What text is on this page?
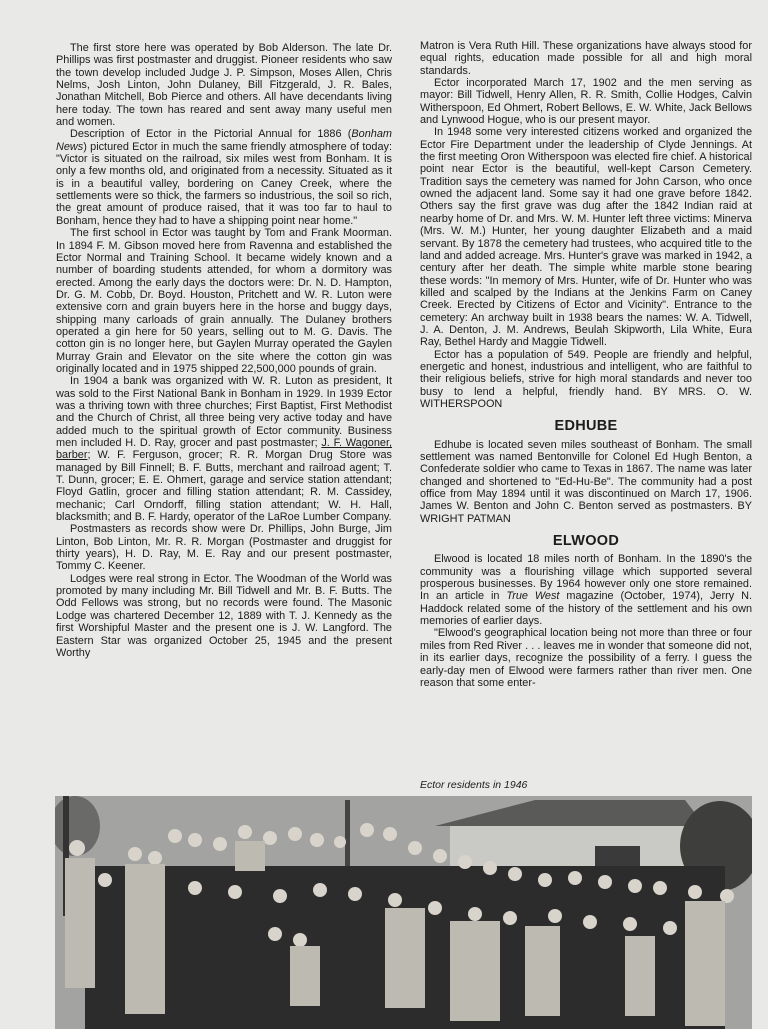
The first store here was operated by Bob Alderson. The late Dr. Phillips was first postmaster and druggist. Pioneer residents who saw the town develop included Judge J. P. Simpson, Moses Allen, Chris Nelms, Josh Linton, John Dulaney, Bill Fitzgerald, J. R. Bales, Jonathan Mitchell, Bob Pierce and others. All have decendants living here today. The town has reared and sent away many useful men and women.

Description of Ector in the Pictorial Annual for 1886 (Bonham News) pictured Ector in much the same friendly atmosphere of today: "Victor is situated on the railroad, six miles west from Bonham. It is only a few months old, and originated from a necessity. Situated as it is in a beautiful valley, bordering on Caney Creek, where the settlements were so thick, the farmers so industrious, the soil so rich, the great amount of produce raised, that it was too far to haul to Bonham, hence they had to have a shipping point near home."

The first school in Ector was taught by Tom and Frank Moorman. In 1894 F. M. Gibson moved here from Ravenna and established the Ector Normal and Training School. It became widely known and a number of boarding students attended, for whom a dormitory was erected. Among the early days the doctors were: Dr. N. D. Hampton, Dr. G. M. Cobb, Dr. Boyd. Houston, Pritchett and W. R. Luton were extensive corn and grain buyers here in the horse and buggy days, shipping many carloads of grain annually. The Dulaney brothers operated a gin here for 50 years, selling out to M. G. Davis. The cotton gin is no longer here, but Gaylen Murray operated the Gaylen Murray Grain and Elevator on the site where the cotton gin was originally located and in 1975 shipped 22,500,000 pounds of grain.

In 1904 a bank was organized with W. R. Luton as president, It was sold to the First National Bank in Bonham in 1929. In 1939 Ector was a thriving town with three churches; First Baptist, First Methodist and the Church of Christ, all three being very active today and have added much to the spiritual growth of Ector community. Business men included H. D. Ray, grocer and past postmaster; J. F. Wagoner, barber; W. F. Ferguson, grocer; R. R. Morgan Drug Store was managed by Bill Finnell; B. F. Butts, merchant and railroad agent; T. T. Dunn, grocer; E. E. Ohmert, garage and service station attendant; Floyd Gatlin, grocer and filling station attendant; R. M. Cassidey, mechanic; Carl Orndorff, filling station attendant; W. H. Hall, blacksmith; and B. F. Hardy, operator of the LaRoe Lumber Company.

Postmasters as records show were Dr. Phillips, John Burge, Jim Linton, Bob Linton, Mr. R. R. Morgan (Postmaster and druggist for thirty years), H. D. Ray, M. E. Ray and our present postmaster, Tommy C. Keener.

Lodges were real strong in Ector. The Woodman of the World was promoted by many including Mr. Bill Tidwell and Mr. B. F. Butts. The Odd Fellows was strong, but no records were found. The Masonic Lodge was chartered December 12, 1889 with T. J. Kennedy as the first Worshipful Master and the present one is J. W. Langford. The Eastern Star was organized October 25, 1945 and the present Worthy

Matron is Vera Ruth Hill. These organizations have always stood for equal rights, education made possible for all and high moral standards.

Ector incorporated March 17, 1902 and the men serving as mayor: Bill Tidwell, Henry Allen, R. R. Smith, Collie Hodges, Calvin Witherspoon, Ed Ohmert, Robert Bellows, E. W. White, Jack Bellows and Lynwood Hogue, who is our present mayor.

In 1948 some very interested citizens worked and organized the Ector Fire Department under the leadership of Clyde Jennings. At the first meeting Oron Witherspoon was elected fire chief. A historical point near Ector is the beautiful, well-kept Carson Cemetery. Tradition says the cemetery was named for John Carson, who once owned the adjacent land. Some say it had one grave before 1842. Others say the first grave was dug after the 1842 Indian raid at nearby home of Dr. and Mrs. W. M. Hunter left three victims: Minerva (Mrs. W. M.) Hunter, her young daughter Elizabeth and a maid servant. By 1878 the cemetery had trustees, who acquired title to the land and added acreage. Mrs. Hunter's grave was marked in 1942, a century after her death. The simple white marble stone bearing these words: "In memory of Mrs. Hunter, wife of Dr. Hunter who was killed and scalped by the Indians at the Jenkins Farm on Caney Creek. Erected by Citizens of Ector and Vicinity". Entrance to the cemetery: An archway built in 1938 bears the names: W. A. Tidwell, J. A. Denton, J. M. Andrews, Beulah Skipworth, Lila White, Eura Ray, Bethel Hardy and Maggie Tidwell.

Ector has a population of 549. People are friendly and helpful, energetic and honest, industrious and intelligent, who are faithful to their religious beliefs, strive for high moral standards and never too busy to lend a helpful, friendly hand. BY MRS. O. W. WITHERSPOON

EDHUBE

Edhube is located seven miles southeast of Bonham. The small settlement was named Bentonville for Colonel Ed Hugh Benton, a Confederate soldier who came to Texas in 1867. The name was later changed and shortened to "Ed-Hu-Be". The community had a post office from May 1894 until it was discontinued on March 17, 1906. James W. Benton and John C. Benton served as postmasters. BY WRIGHT PATMAN

ELWOOD

Elwood is located 18 miles north of Bonham. In the 1890's the community was a flourishing village which supported several prosperous businesses. By 1964 however only one store remained. In an article in True West magazine (October, 1974), Jerry N. Haddock related some of the history of the settlement and his own memories of earlier days.

"Elwood's geographical location being not more than three or four miles from Red River . . . leaves me in wonder that someone did not, in its earlier days, recognize the possibility of a ferry. I guess the early-day men of Elwood were farmers rather than river men. One reason that some enter-

Ector residents in 1946
